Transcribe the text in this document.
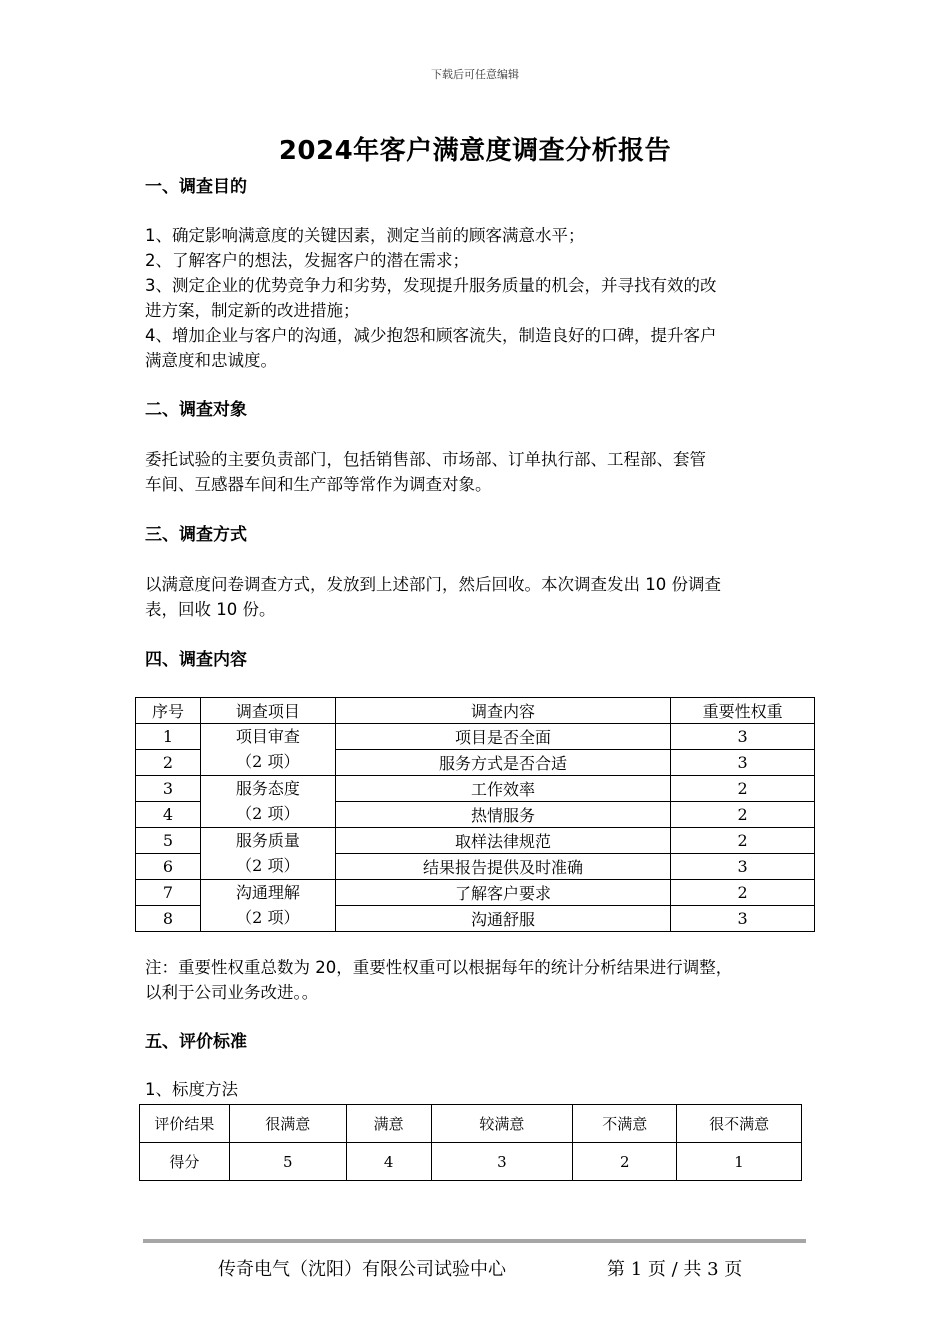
下载后可任意编辑
2024年客户满意度调查分析报告
一、调查目的
1、确定影响满意度的关键因素，测定当前的顾客满意水平；
2、了解客户的想法，发掘客户的潜在需求；
3、测定企业的优势竞争力和劣势，发现提升服务质量的机会，并寻找有效的改
进方案，制定新的改进措施；
4、增加企业与客户的沟通，减少抱怨和顾客流失，制造良好的口碑，提升客户
满意度和忠诚度。
二、调查对象
委托试验的主要负责部门，包括销售部、市场部、订单执行部、工程部、套管
车间、互感器车间和生产部等常作为调查对象。
三、调查方式
以满意度问卷调查方式，发放到上述部门，然后回收。本次调查发出 10 份调查
表，回收 10 份。
四、调查内容
序号	调查项目	调查内容	重要性权重
1	项目审查
（2 项）	项目是否全面	3
2		服务方式是否合适	3
3	服务态度
（2 项）	工作效率	2
4		热情服务	2
5	服务质量
（2 项）	取样法律规范	2
6		结果报告提供及时准确	3
7	沟通理解
（2 项）	了解客户要求	2
8		沟通舒服	3
注：重要性权重总数为 20，重要性权重可以根据每年的统计分析结果进行调整，
以利于公司业务改进。。
五、评价标准
1、标度方法
评价结果	很满意	满意	较满意	不满意	很不满意
得分	5	4	3	2	1
传奇电气（沈阳）有限公司试验中心	第 1 页 / 共 3 页
